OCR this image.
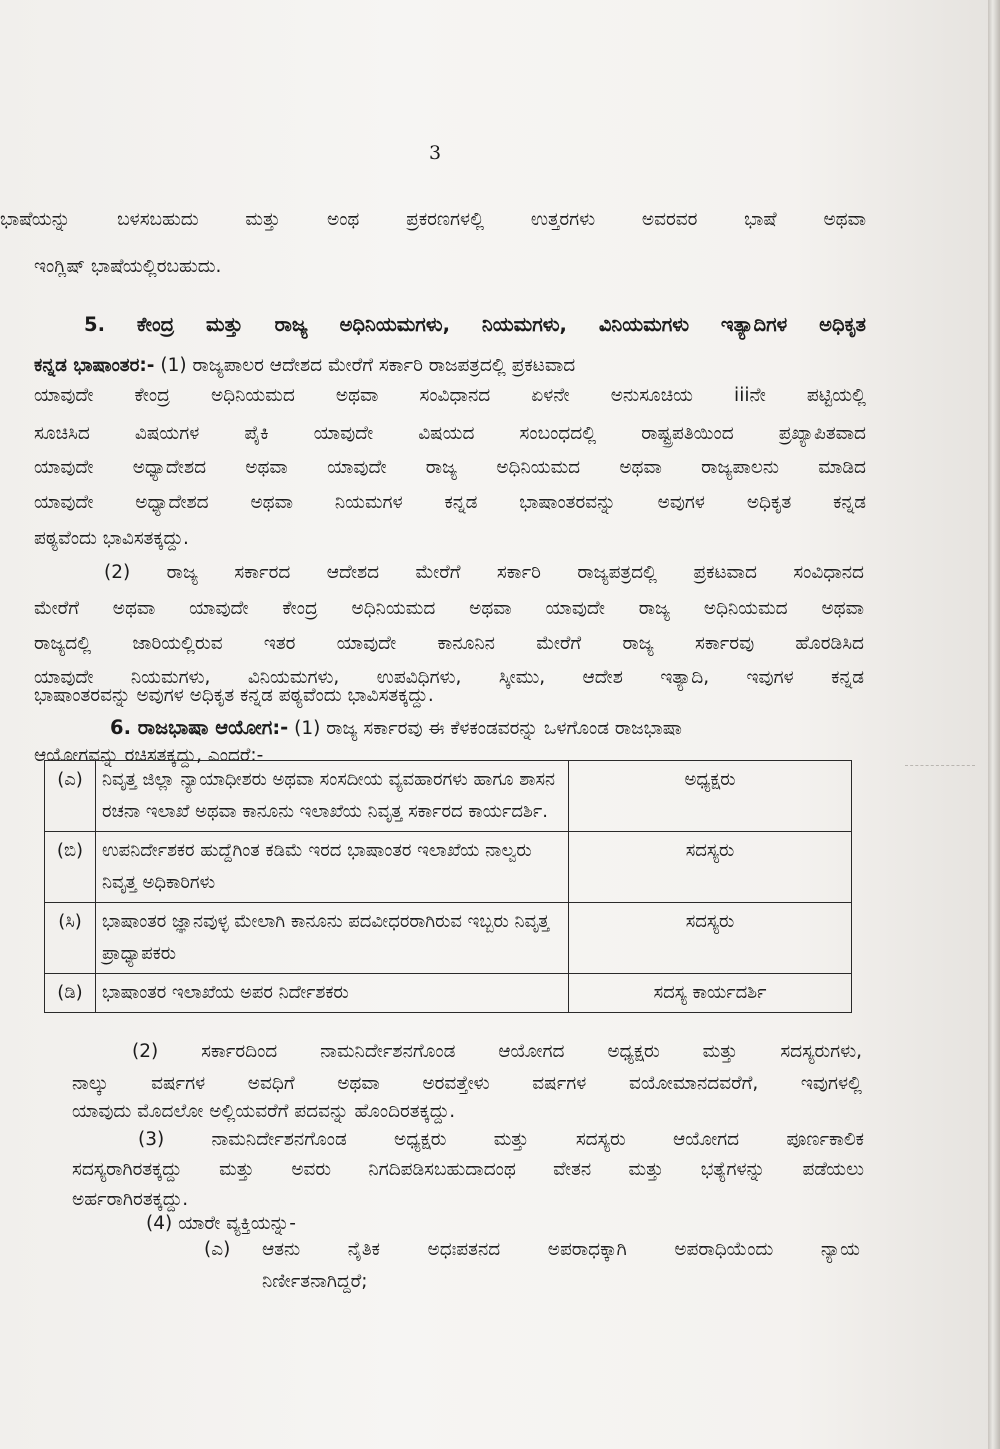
3
ಭಾಷೆಯನ್ನು ಬಳಸಬಹುದು ಮತ್ತು ಅಂಥ ಪ್ರಕರಣಗಳಲ್ಲಿ ಉತ್ತರಗಳು ಅವರವರ ಭಾಷೆ ಅಥವಾ
ಇಂಗ್ಲಿಷ್ ಭಾಷೆಯಲ್ಲಿರಬಹುದು.
5. ಕೇಂದ್ರ ಮತ್ತು ರಾಜ್ಯ ಅಧಿನಿಯಮಗಳು, ನಿಯಮಗಳು, ವಿನಿಯಮಗಳು ಇತ್ಯಾದಿಗಳ ಅಧಿಕೃತ
ಕನ್ನಡ ಭಾಷಾಂತರ:- (1) ರಾಜ್ಯಪಾಲರ ಆದೇಶದ ಮೇರೆಗೆ ಸರ್ಕಾರಿ ರಾಜಪತ್ರದಲ್ಲಿ ಪ್ರಕಟವಾದ
ಯಾವುದೇ ಕೇಂದ್ರ ಅಧಿನಿಯಮದ ಅಥವಾ ಸಂವಿಧಾನದ ಏಳನೇ ಅನುಸೂಚಿಯ iiiನೇ ಪಟ್ಟಿಯಲ್ಲಿ
ಸೂಚಿಸಿದ ವಿಷಯಗಳ ಪೈಕಿ ಯಾವುದೇ ವಿಷಯದ ಸಂಬಂಧದಲ್ಲಿ ರಾಷ್ಟ್ರಪತಿಯಿಂದ ಪ್ರಖ್ಯಾಪಿತವಾದ
ಯಾವುದೇ ಅಧ್ಯಾದೇಶದ ಅಥವಾ ಯಾವುದೇ ರಾಜ್ಯ ಅಧಿನಿಯಮದ ಅಥವಾ ರಾಜ್ಯಪಾಲನು ಮಾಡಿದ
ಯಾವುದೇ ಅಧ್ಯಾದೇಶದ ಅಥವಾ ನಿಯಮಗಳ ಕನ್ನಡ ಭಾಷಾಂತರವನ್ನು ಅವುಗಳ ಅಧಿಕೃತ ಕನ್ನಡ
ಪಠ್ಯವೆಂದು ಭಾವಿಸತಕ್ಕದ್ದು.
(2) ರಾಜ್ಯ ಸರ್ಕಾರದ ಆದೇಶದ ಮೇರೆಗೆ ಸರ್ಕಾರಿ ರಾಜ್ಯಪತ್ರದಲ್ಲಿ ಪ್ರಕಟವಾದ ಸಂವಿಧಾನದ
ಮೇರೆಗೆ ಅಥವಾ ಯಾವುದೇ ಕೇಂದ್ರ ಅಧಿನಿಯಮದ ಅಥವಾ ಯಾವುದೇ ರಾಜ್ಯ ಅಧಿನಿಯಮದ ಅಥವಾ
ರಾಜ್ಯದಲ್ಲಿ ಜಾರಿಯಲ್ಲಿರುವ ಇತರ ಯಾವುದೇ ಕಾನೂನಿನ ಮೇರೆಗೆ ರಾಜ್ಯ ಸರ್ಕಾರವು ಹೊರಡಿಸಿದ
ಯಾವುದೇ ನಿಯಮಗಳು, ವಿನಿಯಮಗಳು, ಉಪವಿಧಿಗಳು, ಸ್ಕೀಮು, ಆದೇಶ ಇತ್ಯಾದಿ, ಇವುಗಳ ಕನ್ನಡ
ಭಾಷಾಂತರವನ್ನು ಅವುಗಳ ಅಧಿಕೃತ ಕನ್ನಡ ಪಠ್ಯವೆಂದು ಭಾವಿಸತಕ್ಕದ್ದು.
6. ರಾಜಭಾಷಾ ಆಯೋಗ:- (1) ರಾಜ್ಯ ಸರ್ಕಾರವು ಈ ಕೆಳಕಂಡವರನ್ನು ಒಳಗೊಂಡ ರಾಜಭಾಷಾ
ಆಯೋಗವನ್ನು ರಚಿಸತಕ್ಕದ್ದು, ಎಂದರೆ:-
(ಎ)	ನಿವೃತ್ತ ಜಿಲ್ಲಾ ನ್ಯಾಯಾಧೀಶರು ಅಥವಾ ಸಂಸದೀಯ ವ್ಯವಹಾರಗಳು ಹಾಗೂ ಶಾಸನ ರಚನಾ ಇಲಾಖೆ ಅಥವಾ ಕಾನೂನು ಇಲಾಖೆಯ ನಿವೃತ್ತ ಸರ್ಕಾರದ ಕಾರ್ಯದರ್ಶಿ.	ಅಧ್ಯಕ್ಷರು
(ಬಿ)	ಉಪನಿರ್ದೇಶಕರ ಹುದ್ದೆಗಿಂತ ಕಡಿಮೆ ಇರದ ಭಾಷಾಂತರ ಇಲಾಖೆಯ ನಾಲ್ವರು ನಿವೃತ್ತ ಅಧಿಕಾರಿಗಳು	ಸದಸ್ಯರು
(ಸಿ)	ಭಾಷಾಂತರ ಜ್ಞಾನವುಳ್ಳ ಮೇಲಾಗಿ ಕಾನೂನು ಪದವೀಧರರಾಗಿರುವ ಇಬ್ಬರು ನಿವೃತ್ತ ಪ್ರಾಧ್ಯಾಪಕರು	ಸದಸ್ಯರು
(ಡಿ)	ಭಾಷಾಂತರ ಇಲಾಖೆಯ ಅಪರ ನಿರ್ದೇಶಕರು	ಸದಸ್ಯ ಕಾರ್ಯದರ್ಶಿ
(2) ಸರ್ಕಾರದಿಂದ ನಾಮನಿರ್ದೇಶನಗೊಂಡ ಆಯೋಗದ ಅಧ್ಯಕ್ಷರು ಮತ್ತು ಸದಸ್ಯರುಗಳು,
ನಾಲ್ಕು ವರ್ಷಗಳ ಅವಧಿಗೆ ಅಥವಾ ಅರವತ್ತೇಳು ವರ್ಷಗಳ ವಯೋಮಾನದವರೆಗೆ, ಇವುಗಳಲ್ಲಿ
ಯಾವುದು ಮೊದಲೋ ಅಲ್ಲಿಯವರೆಗೆ ಪದವನ್ನು ಹೊಂದಿರತಕ್ಕದ್ದು.
(3) ನಾಮನಿರ್ದೇಶನಗೊಂಡ ಅಧ್ಯಕ್ಷರು ಮತ್ತು ಸದಸ್ಯರು ಆಯೋಗದ ಪೂರ್ಣಕಾಲಿಕ
ಸದಸ್ಯರಾಗಿರತಕ್ಕದ್ದು ಮತ್ತು ಅವರು ನಿಗದಿಪಡಿಸಬಹುದಾದಂಥ ವೇತನ ಮತ್ತು ಭತ್ಯೆಗಳನ್ನು ಪಡೆಯಲು
ಅರ್ಹರಾಗಿರತಕ್ಕದ್ದು.
(4) ಯಾರೇ ವ್ಯಕ್ತಿಯನ್ನು-
(ಎ) ಆತನು ನೈತಿಕ ಅಧಃಪತನದ ಅಪರಾಧಕ್ಕಾಗಿ ಅಪರಾಧಿಯೆಂದು ನ್ಯಾಯ
ನಿರ್ಣೀತನಾಗಿದ್ದರೆ;
